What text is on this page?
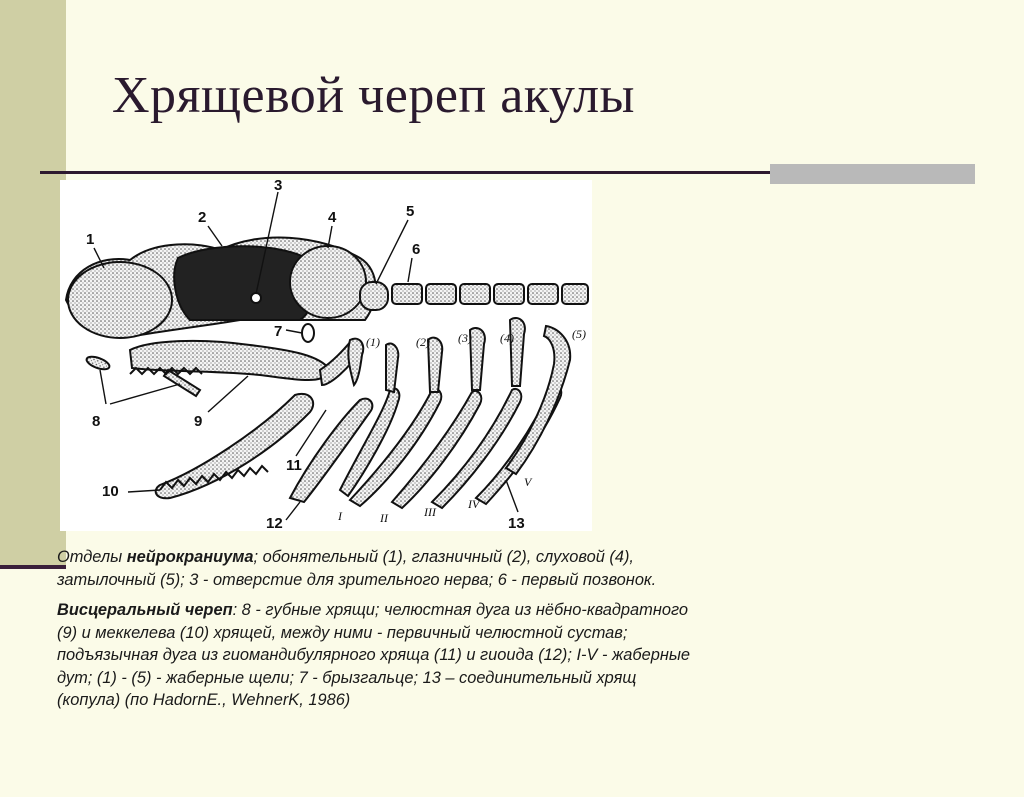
Хрящевой череп акулы
1
2
3
4	5
6
7
8	9
10
11
12	13
(1)	(2) (3) (4)	(5)
I	II	III
IV
V

Отделы нейрокраниума; обонятельный (1), глазничный (2), слуховой (4), затылочный (5); 3 - отверстие для зрительного нерва; 6 - первый позвонок.

Висцеральный череп: 8 - губные хрящи; челюстная дуга из нёбно-квадратного (9) и меккелева (10) хрящей, между ними - первичный челюстной сустав; подъязычная дуга из гиомандибулярного хряща (11) и гиоида (12); I-V - жаберные дут; (1) - (5) - жаберные щели; 7 - брызгальце; 13 – соединительный хрящ (копула) (по HadornE., WehnerK, 1986)
